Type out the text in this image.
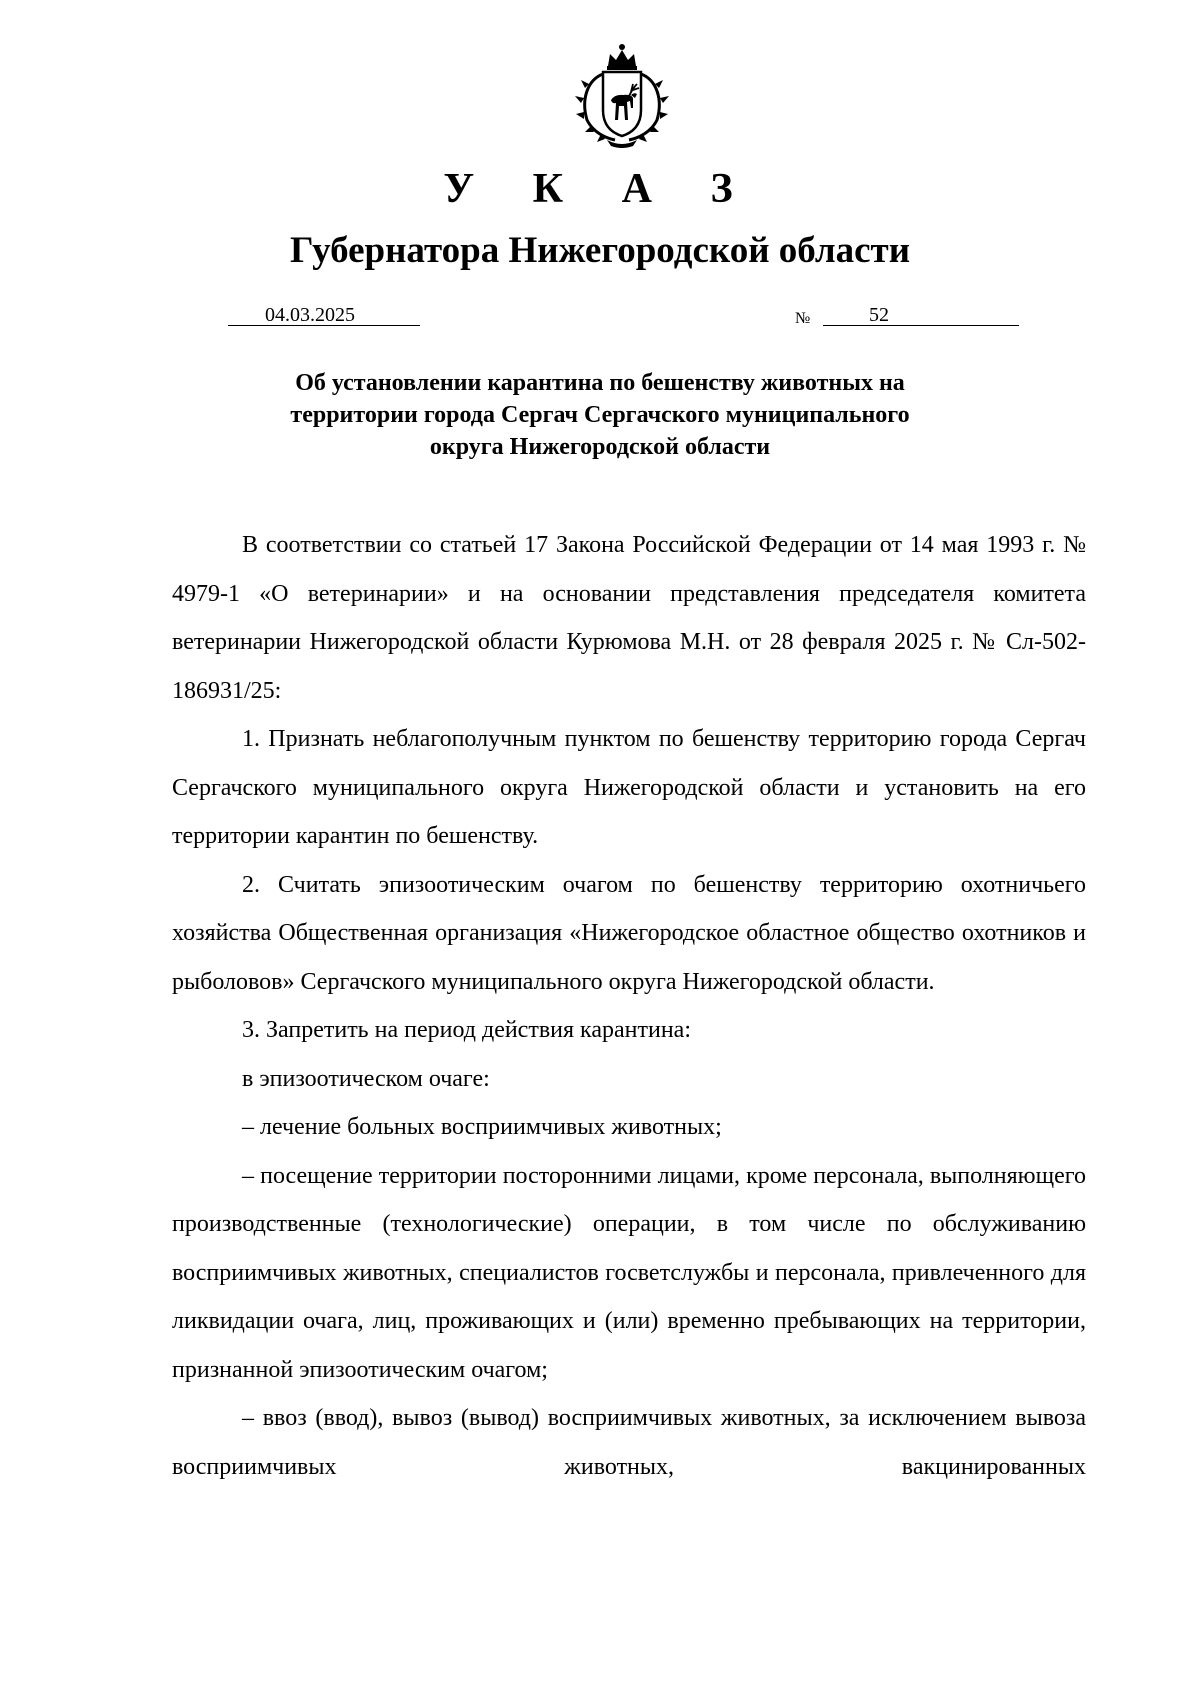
У К А З
Губернатора Нижегородской области
04.03.2025	№	52
Об установлении карантина по бешенству животных на
территории города Сергач Сергачского муниципального
округа Нижегородской области

В соответствии со статьей 17 Закона Российской Федерации от 14 мая 1993 г. № 4979-1 «О ветеринарии» и на основании представления председателя комитета ветеринарии Нижегородской области Курюмова М.Н. от 28 февраля 2025 г. № Сл-502-186931/25:

1. Признать неблагополучным пунктом по бешенству территорию города Сергач Сергачского муниципального округа Нижегородской области и установить на его территории карантин по бешенству.

2. Считать эпизоотическим очагом по бешенству территорию охотничьего хозяйства Общественная организация «Нижегородское областное общество охотников и рыболовов» Сергачского муниципального округа Нижегородской области.

3. Запретить на период действия карантина:

в эпизоотическом очаге:

– лечение больных восприимчивых животных;

– посещение территории посторонними лицами, кроме персонала, выполняющего производственные (технологические) операции, в том числе по обслуживанию восприимчивых животных, специалистов госветслужбы и персонала, привлеченного для ликвидации очага, лиц, проживающих и (или) временно пребывающих на территории, признанной эпизоотическим очагом;

– ввоз (ввод), вывоз (вывод) восприимчивых животных, за исключением вывоза восприимчивых животных, вакцинированных
